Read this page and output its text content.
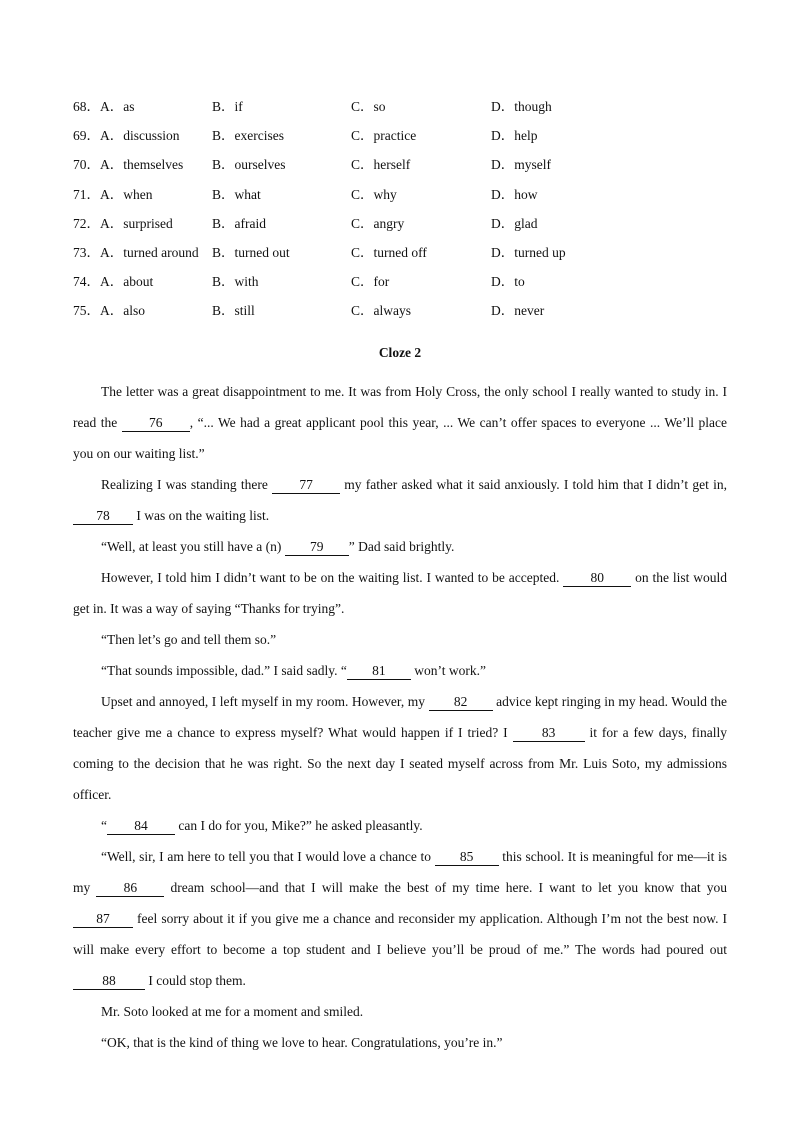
68．A．as	B．if	C．so	D．though
69．A．discussion B．exercises	C．practice	D．help
70．A．themselves B．ourselves	C．herself	D．myself
71．A．when	B．what	C．why	D．how
72．A．surprised	B．afraid	C．angry	D．glad
73．A．turned around B．turned out	C．turned off	D．turned up
74．A．about	B．with	C．for	D．to
75．A．also	B．still	C．always	D．never
Cloze 2

The letter was a great disappointment to me. It was from Holy Cross, the only school I really wanted to study in. I read the 76 , “... We had a great applicant pool this year, ... We can’t offer spaces to everyone ... We’ll place you on our waiting list.”

Realizing I was standing there 77 my father asked what it said anxiously. I told him that I didn’t get in, 78 I was on the waiting list.

“Well, at least you still have a (n) 79 ” Dad said brightly.

However, I told him I didn’t want to be on the waiting list. I wanted to be accepted. 80 on the list would get in. It was a way of saying “Thanks for trying”.

“Then let’s go and tell them so.”

“That sounds impossible, dad.” I said sadly. “ 81 won’t work.”

Upset and annoyed, I left myself in my room. However, my 82 advice kept ringing in my head. Would the teacher give me a chance to express myself? What would happen if I tried? I 83 it for a few days, finally coming to the decision that he was right. So the next day I seated myself across from Mr. Luis Soto, my admissions officer.

“ 84 can I do for you, Mike?” he asked pleasantly.

“Well, sir, I am here to tell you that I would love a chance to 85 this school. It is meaningful for me—it is my 86 dream school—and that I will make the best of my time here. I want to let you know that you 87 feel sorry about it if you give me a chance and reconsider my application. Although I’m not the best now. I will make every effort to become a top student and I believe you’ll be proud of me.” The words had poured out 88 I could stop them.

Mr. Soto looked at me for a moment and smiled.

“OK, that is the kind of thing we love to hear. Congratulations, you’re in.”
